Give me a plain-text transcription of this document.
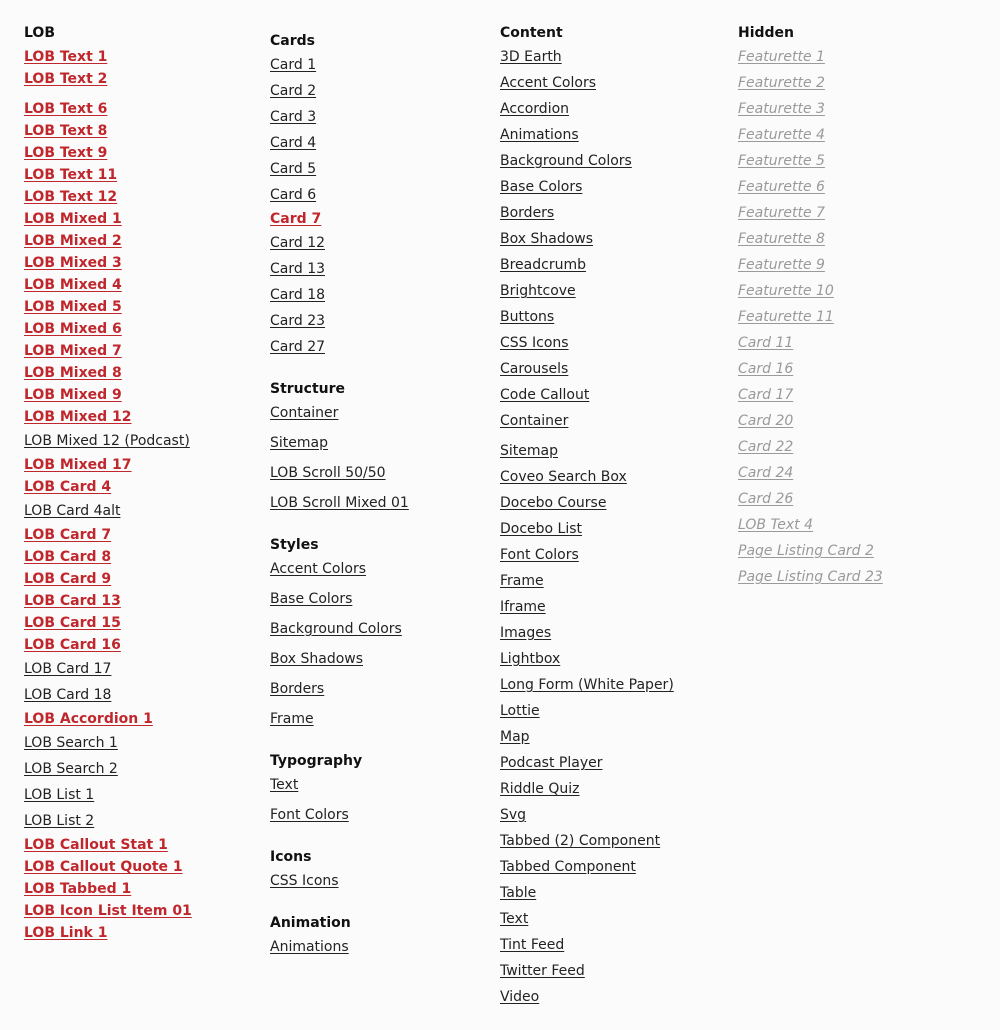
LOB
LOB Text 1
LOB Text 2
LOB Text 6
LOB Text 8
LOB Text 9
LOB Text 11
LOB Text 12
LOB Mixed 1
LOB Mixed 2
LOB Mixed 3
LOB Mixed 4
LOB Mixed 5
LOB Mixed 6
LOB Mixed 7
LOB Mixed 8
LOB Mixed 9
LOB Mixed 12
LOB Mixed 12 (Podcast)
LOB Mixed 17
LOB Card 4
LOB Card 4alt
LOB Card 7
LOB Card 8
LOB Card 9
LOB Card 13
LOB Card 15
LOB Card 16
LOB Card 17
LOB Card 18
LOB Accordion 1
LOB Search 1
LOB Search 2
LOB List 1
LOB List 2
LOB Callout Stat 1
LOB Callout Quote 1
LOB Tabbed 1
LOB Icon List Item 01
LOB Link 1
Cards
Card 1
Card 2
Card 3
Card 4
Card 5
Card 6
Card 7
Card 12
Card 13
Card 18
Card 23
Card 27
Structure
Container
Sitemap
LOB Scroll 50/50
LOB Scroll Mixed 01
Styles
Accent Colors
Base Colors
Background Colors
Box Shadows
Borders
Frame
Typography
Text
Font Colors
Icons
CSS Icons
Animation
Animations
Content
3D Earth
Accent Colors
Accordion
Animations
Background Colors
Base Colors
Borders
Box Shadows
Breadcrumb
Brightcove
Buttons
CSS Icons
Carousels
Code Callout
Container
Sitemap
Coveo Search Box
Docebo Course
Docebo List
Font Colors
Frame
Iframe
Images
Lightbox
Long Form (White Paper)
Lottie
Map
Podcast Player
Riddle Quiz
Svg
Tabbed (2) Component
Tabbed Component
Table
Text
Tint Feed
Twitter Feed
Video
Hidden
Featurette 1
Featurette 2
Featurette 3
Featurette 4
Featurette 5
Featurette 6
Featurette 7
Featurette 8
Featurette 9
Featurette 10
Featurette 11
Card 11
Card 16
Card 17
Card 20
Card 22
Card 24
Card 26
LOB Text 4
Page Listing Card 2
Page Listing Card 23
